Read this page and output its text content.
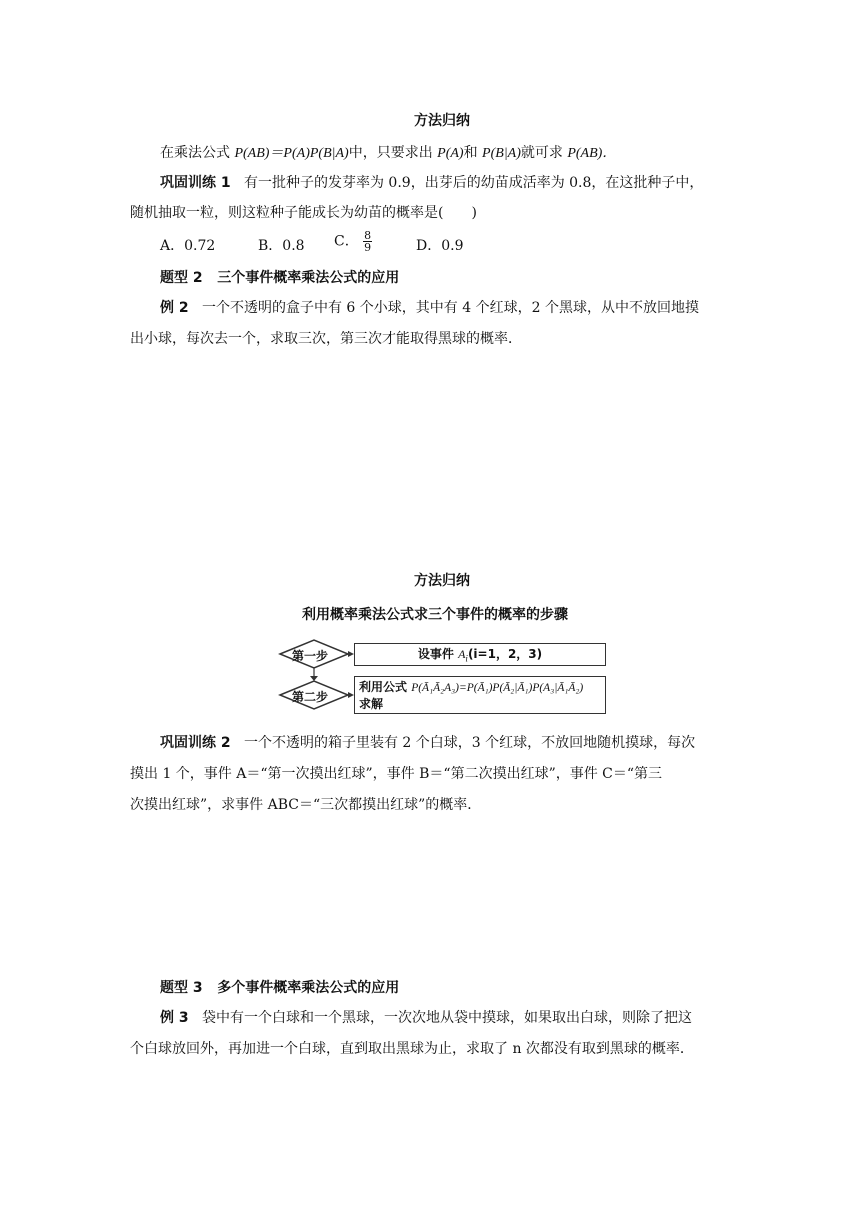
方法归纳
在乘法公式 P(AB)＝P(A)P(B|A)中，只要求出 P(A)和 P(B|A)就可求 P(AB)．
巩固训练 1 有一批种子的发芽率为 0.9，出芽后的幼苗成活率为 0.8，在这批种子中，
随机抽取一粒，则这粒种子能成长为幼苗的概率是(　　)
A．0.72	B．0.8 C． $\frac{8}{9}$	D．0.9
题型 2 三个事件概率乘法公式的应用
例 2 一个不透明的盒子中有 6 个小球，其中有 4 个红球，2 个黑球，从中不放回地摸
出小球，每次去一个，求取三次，第三次才能取得黑球的概率．
方法归纳
利用概率乘法公式求三个事件的概率的步骤
第一步
第二步
设事件 $A_i(i=1$，2，3)
利用公式 P(Ā₁Ā₂A₃)=P(Ā₁)P(Ā₂|Ā₁)P(A₃|Ā₁Ā₂)
求解
巩固训练 2 一个不透明的箱子里装有 2 个白球，3 个红球，不放回地随机摸球，每次
摸出 1 个，事件 A＝“第一次摸出红球”，事件 B＝“第二次摸出红球”，事件 C＝“第三
次摸出红球”，求事件 ABC＝“三次都摸出红球”的概率．
题型 3 多个事件概率乘法公式的应用
例 3 袋中有一个白球和一个黑球，一次次地从袋中摸球，如果取出白球，则除了把这
个白球放回外，再加进一个白球，直到取出黑球为止，求取了 n 次都没有取到黑球的概率．
